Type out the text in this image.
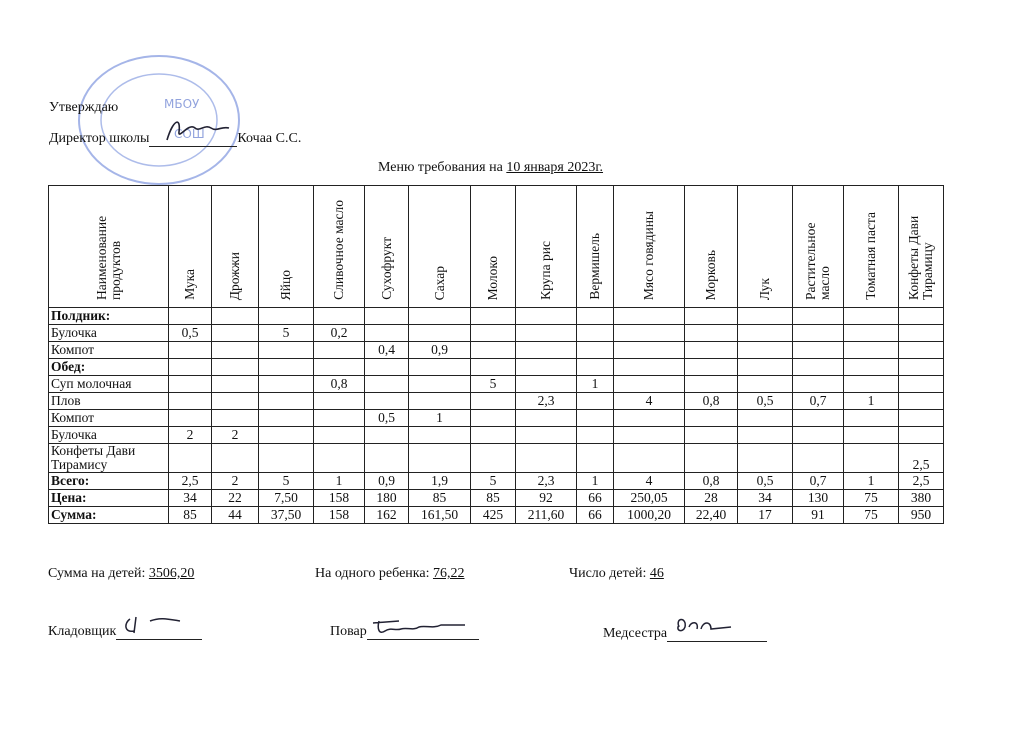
МБОУ
СОШ
Утверждаю
Директор школы	Кочаа С.С.
Меню требования на 10 января 2023г.
Наименование продуктов	Мука	Дрожжи	Яйцо	Сливочное масло	Сухофрукт	Сахар	Молоко	Крупа рис	Вермишель	Мясо говядины	Морковь	Лук	Растительное масло	Томатная паста	Конфеты Дави Тирамицу
Полдник:															
Булочка	0,5		5	0,2											
Компот					0,4	0,9									
Обед:															
Суп молочная				0,8			5		1						
Плов								2,3		4	0,8	0,5	0,7	1	
Компот					0,5	1									
Булочка	2	2													
Конфеты Дави Тирамису															2,5
Всего:	2,5	2	5	1	0,9	1,9	5	2,3	1	4	0,8	0,5	0,7	1	2,5
Цена:	34	22	7,50	158	180	85	85	92	66	250,05	28	34	130	75	380
Сумма:	85	44	37,50	158	162	161,50	425	211,60	66	1000,20	22,40	17	91	75	950
Сумма на детей: 3506,20	На одного ребенка: 76,22	Число детей: 46
Кладовщик	Повар	Медсестра
